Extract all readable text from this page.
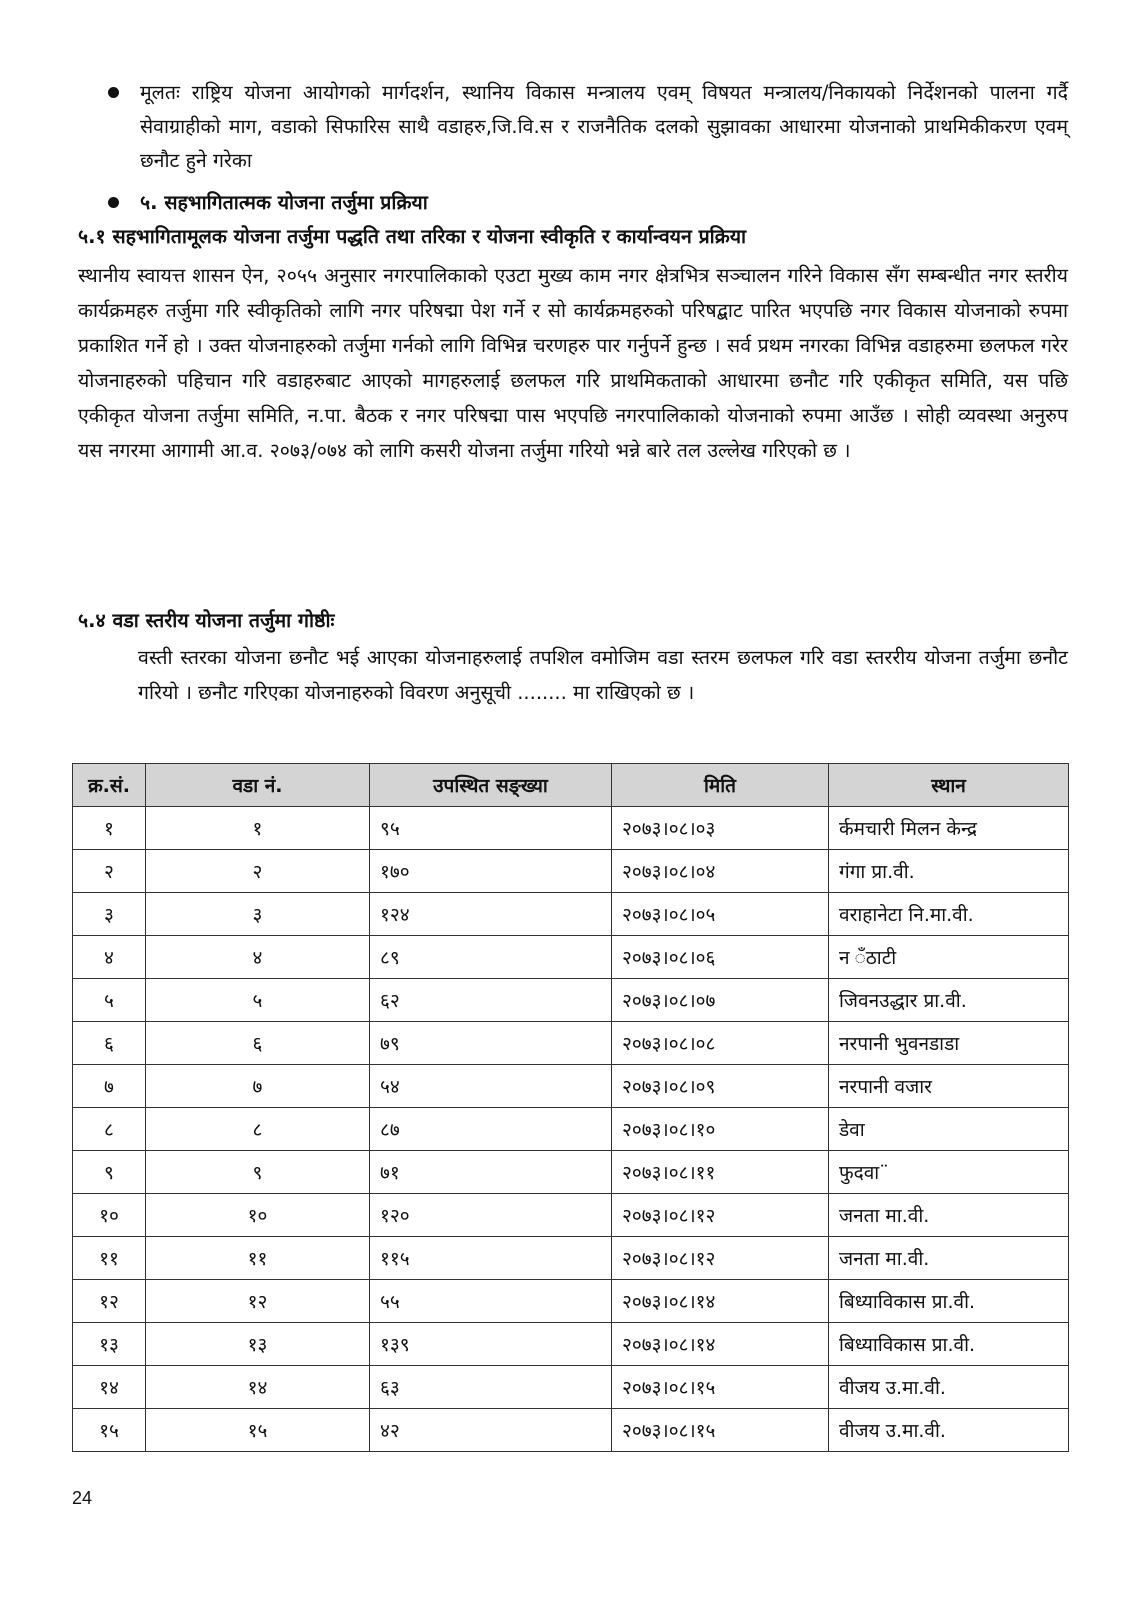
मूलतः राष्ट्रिय योजना आयोगको मार्गदर्शन, स्थानिय विकास मन्त्रालय एवम् विषयत मन्त्रालय/निकायको निर्देशनको पालना गर्दै सेवाग्राहीको माग, वडाको सिफारिस साथै वडाहरु,जि.वि.स र राजनैतिक दलको सुझावका आधारमा योजनाको प्राथमिकीकरण एवम् छनौट हुने गरेका
५. सहभागितात्मक योजना तर्जुमा प्रक्रिया
५.१ सहभागितामूलक योजना तर्जुमा पद्धति तथा तरिका र योजना स्वीकृति र कार्यान्वयन प्रक्रिया
स्थानीय स्वायत्त शासन ऐन, २०५५ अनुसार नगरपालिकाको एउटा मुख्य काम नगर क्षेत्रभित्र सञ्चालन गरिने विकास सँग सम्बन्धीत नगर स्तरीय कार्यक्रमहरु तर्जुमा गरि स्वीकृतिको लागि नगर परिषद्मा पेश गर्ने र सो कार्यक्रमहरुको परिषद्बाट पारित भएपछि नगर विकास योजनाको रुपमा प्रकाशित गर्ने हो । उक्त योजनाहरुको तर्जुमा गर्नको लागि विभिन्न चरणहरु पार गर्नुपर्ने हुन्छ । सर्व प्रथम नगरका विभिन्न वडाहरुमा छलफल गरेर योजनाहरुको पहिचान गरि वडाहरुबाट आएको मागहरुलाई छलफल गरि प्राथमिकताको आधारमा छनौट गरि एकीकृत समिति, यस पछि एकीकृत योजना तर्जुमा समिति, न.पा. बैठक र नगर परिषद्मा पास भएपछि नगरपालिकाको योजनाको रुपमा आउँछ । सोही व्यवस्था अनुरुप यस नगरमा आगामी आ.व. २०७३/०७४ को लागि कसरी योजना तर्जुमा गरियो भन्ने बारे तल उल्लेख गरिएको छ ।
५.४ वडा स्तरीय योजना तर्जुमा गोष्ठीः
वस्ती स्तरका योजना छनौट भई आएका योजनाहरुलाई तपशिल वमोजिम वडा स्तरम छलफल गरि वडा स्तररीय योजना तर्जुमा छनौट गरियो । छनौट गरिएका योजनाहरुको विवरण अनुसूची ........ मा राखिएको छ ।
क्र.सं.	वडा नं.	उपस्थित सङ्ख्या	मिति	स्थान
१	१	९५	२०७३।०८।०३	र्कमचारी मिलन केन्द्र
२	२	१७०	२०७३।०८।०४	गंगा प्रा.वी.
३	३	१२४	२०७३।०८।०५	वराहानेटा नि.मा.वी.
४	४	८९	२०७३।०८।०६	न ँठाटी
५	५	६२	२०७३।०८।०७	जिवनउद्धार प्रा.वी.
६	६	७९	२०७३।०८।०८	नरपानी भुवनडाडा
७	७	५४	२०७३।०८।०९	नरपानी वजार
८	८	८७	२०७३।०८।१०	डेवा
९	९	७१	२०७३।०८।११	फुदवा¨
१०	१०	१२०	२०७३।०८।१२	जनता मा.वी.
११	११	११५	२०७३।०८।१२	जनता मा.वी.
१२	१२	५५	२०७३।०८।१४	बिध्याविकास प्रा.वी.
१३	१३	१३९	२०७३।०८।१४	बिध्याविकास प्रा.वी.
१४	१४	६३	२०७३।०८।१५	वीजय उ.मा.वी.
१५	१५	४२	२०७३।०८।१५	वीजय उ.मा.वी.
24
